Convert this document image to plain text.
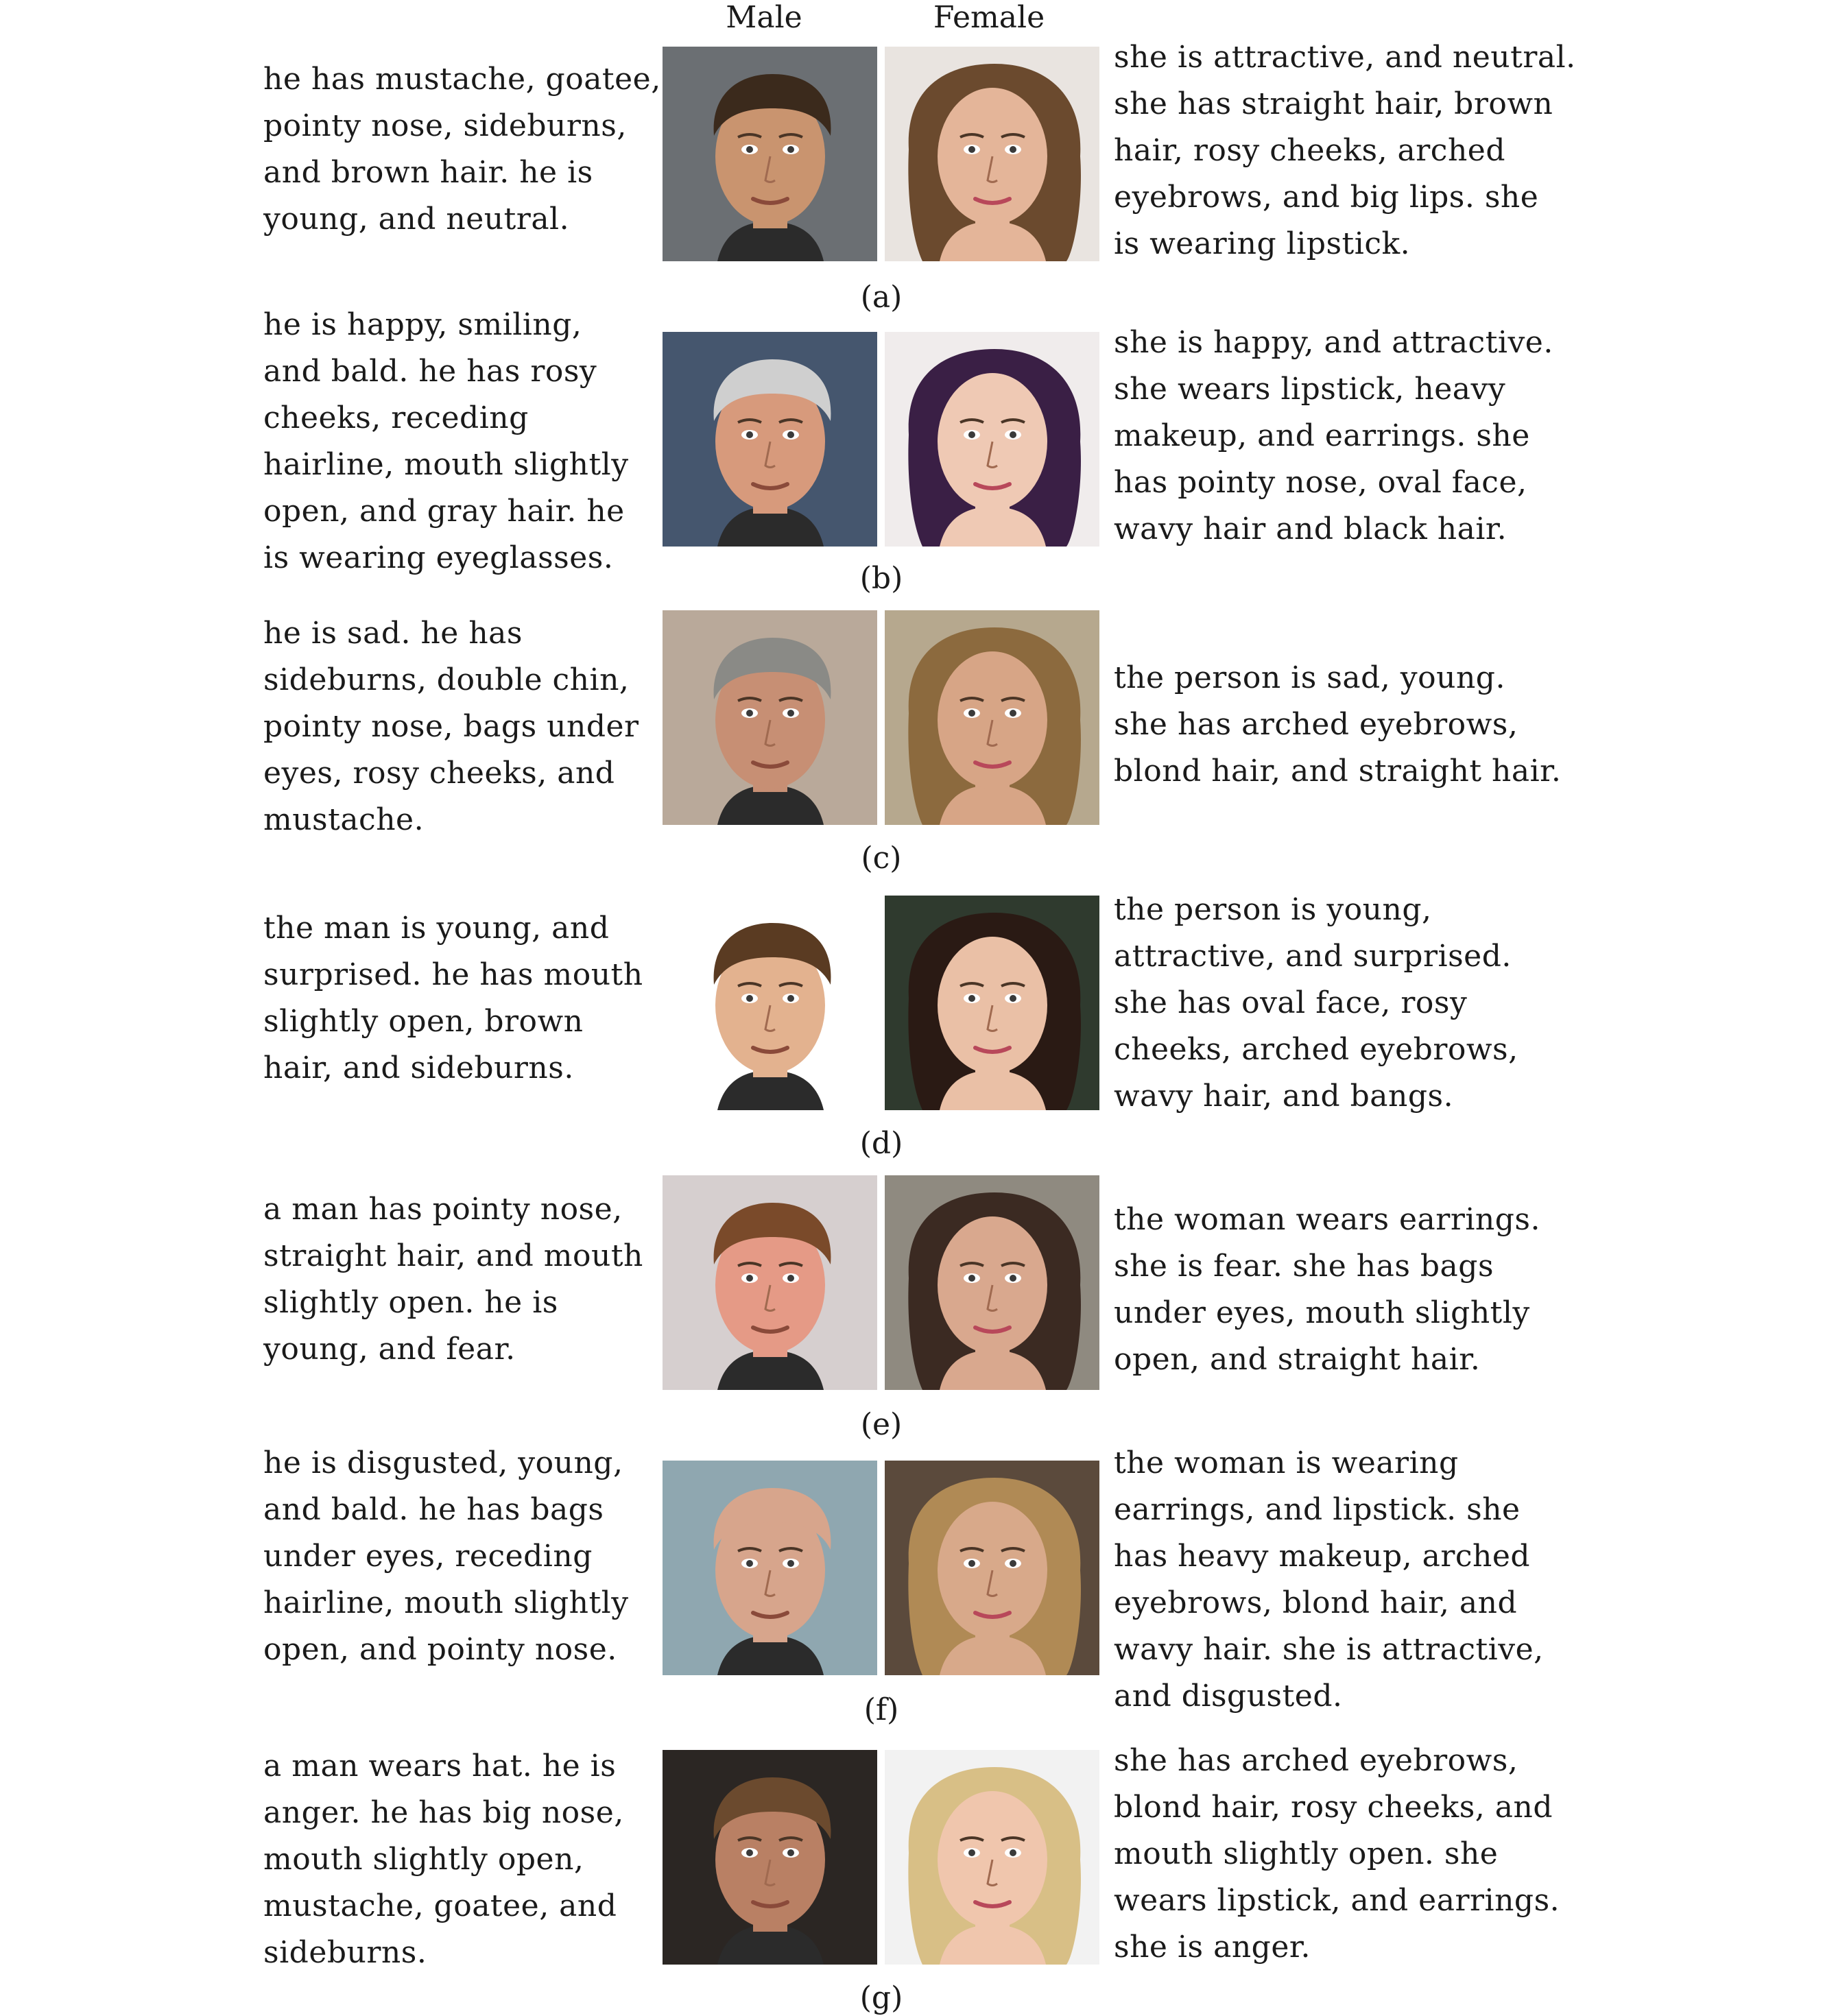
Male	Female
he has mustache, goatee,
pointy nose, sideburns,
and brown hair. he is
young, and neutral.
she is attractive, and neutral.
she has straight hair, brown
hair, rosy cheeks, arched
eyebrows, and big lips. she
is wearing lipstick.
(a)
he is happy, smiling,
and bald. he has rosy
cheeks, receding
hairline, mouth slightly
open, and gray hair. he
is wearing eyeglasses.
she is happy, and attractive.
she wears lipstick, heavy
makeup, and earrings. she
has pointy nose, oval face,
wavy hair and black hair.
(b)
he is sad. he has
sideburns, double chin,
pointy nose, bags under
eyes, rosy cheeks, and
mustache.
the person is sad, young.
she has arched eyebrows,
blond hair, and straight hair.
(c)
the man is young, and
surprised. he has mouth
slightly open, brown
hair, and sideburns.
the person is young,
attractive, and surprised.
she has oval face, rosy
cheeks, arched eyebrows,
wavy hair, and bangs.
(d)
a man has pointy nose,
straight hair, and mouth
slightly open. he is
young, and fear.
the woman wears earrings.
she is fear. she has bags
under eyes, mouth slightly
open, and straight hair.
(e)
he is disgusted, young,
and bald. he has bags
under eyes, receding
hairline, mouth slightly
open, and pointy nose.
the woman is wearing
earrings, and lipstick. she
has heavy makeup, arched
eyebrows, blond hair, and
wavy hair. she is attractive,
and disgusted.
(f)
a man wears hat. he is
anger. he has big nose,
mouth slightly open,
mustache, goatee, and
sideburns.
she has arched eyebrows,
blond hair, rosy cheeks, and
mouth slightly open. she
wears lipstick, and earrings.
she is anger.
(g)
